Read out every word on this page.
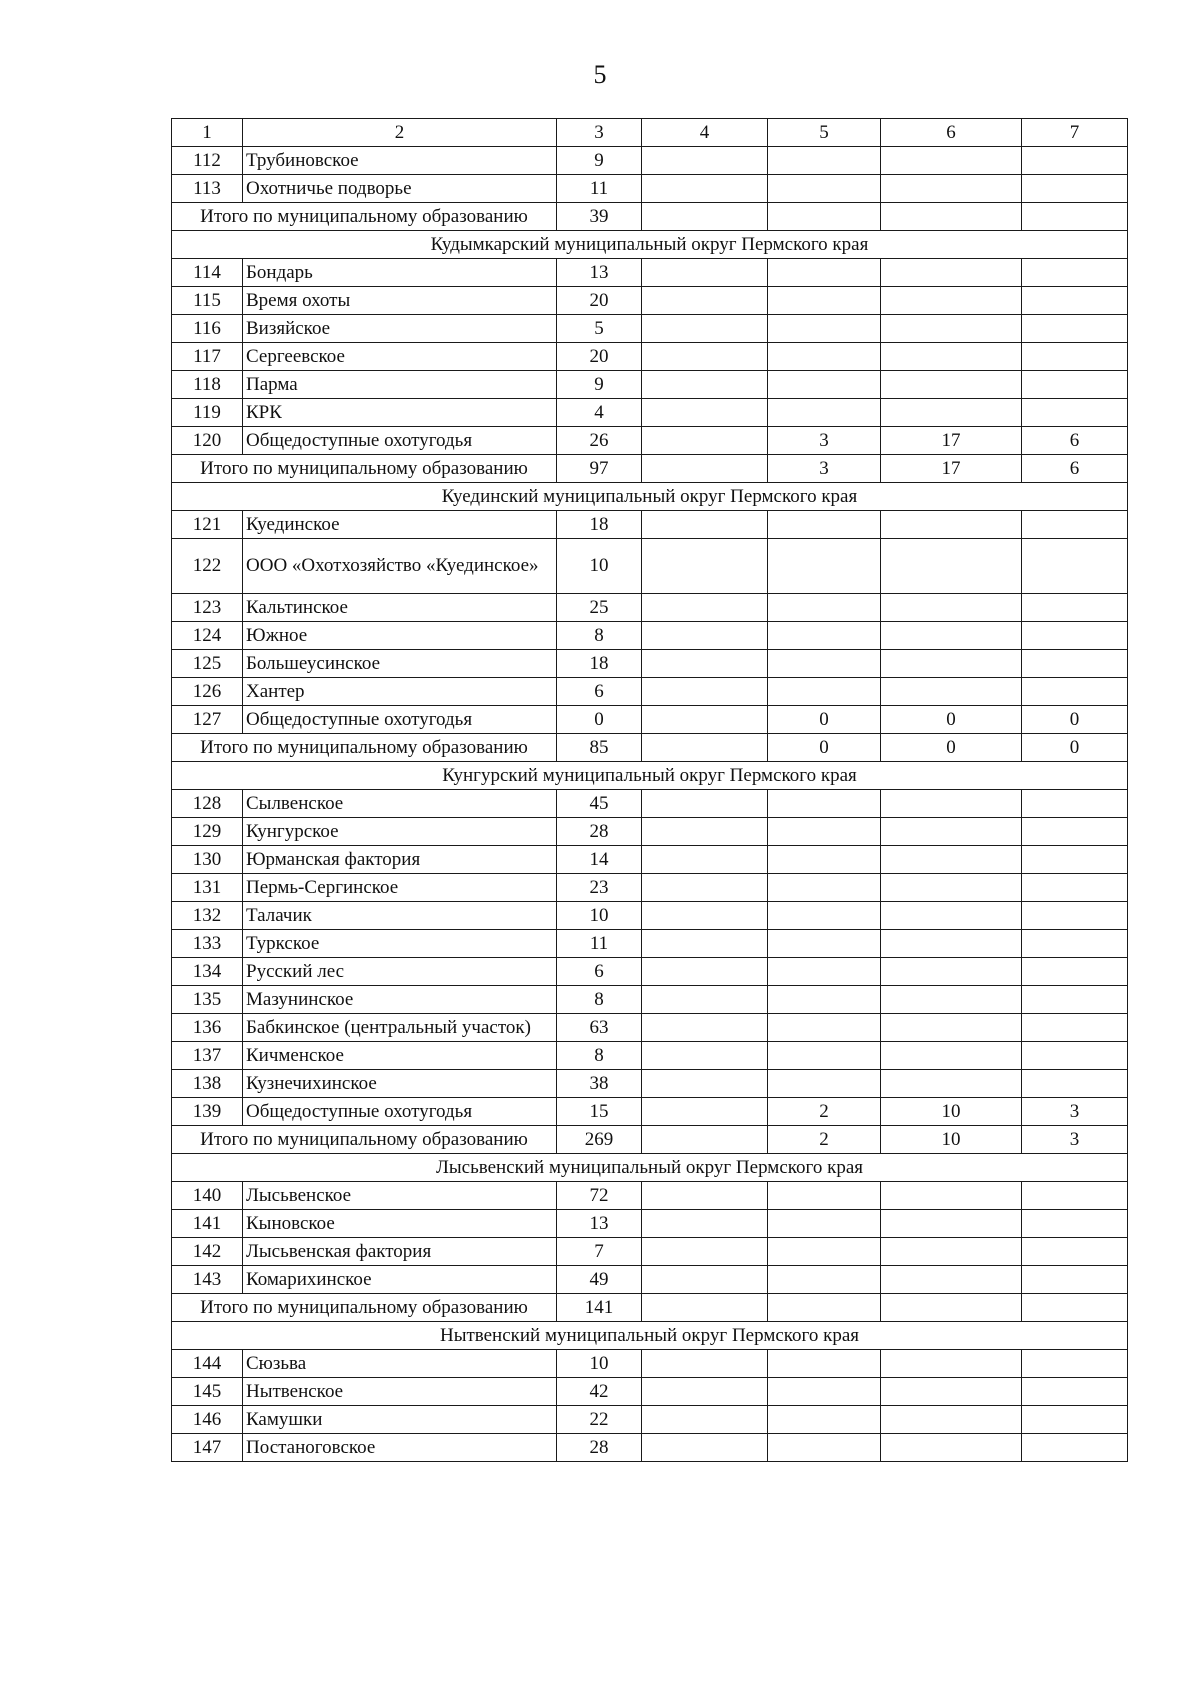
5
1	2	3	4	5	6	7
112	Трубиновское	9				
113	Охотничье подворье	11				
Итого по муниципальному образованию		39				
Кудымкарский муниципальный округ Пермского края						
114	Бондарь	13				
115	Время охоты	20				
116	Визяйское	5				
117	Сергеевское	20				
118	Парма	9				
119	КРК	4				
120	Общедоступные охотугодья	26		3	17	6
Итого по муниципальному образованию		97		3	17	6
Куединский муниципальный округ Пермского края						
121	Куединское	18				
122	ООО «Охотхозяйство «Куединское»	10				
123	Кальтинское	25				
124	Южное	8				
125	Большеусинское	18				
126	Хантер	6				
127	Общедоступные охотугодья	0		0	0	0
Итого по муниципальному образованию		85		0	0	0
Кунгурский муниципальный округ Пермского края						
128	Сылвенское	45				
129	Кунгурское	28				
130	Юрманская фактория	14				
131	Пермь-Сергинское	23				
132	Талачик	10				
133	Туркское	11				
134	Русский лес	6				
135	Мазунинское	8				
136	Бабкинское (центральный участок)	63				
137	Кичменское	8				
138	Кузнечихинское	38				
139	Общедоступные охотугодья	15		2	10	3
Итого по муниципальному образованию		269		2	10	3
Лысьвенский муниципальный округ Пермского края						
140	Лысьвенское	72				
141	Кыновское	13				
142	Лысьвенская фактория	7				
143	Комарихинское	49				
Итого по муниципальному образованию		141				
Нытвенский муниципальный округ Пермского края						
144	Сюзьва	10				
145	Нытвенское	42				
146	Камушки	22				
147	Постаноговское	28				
